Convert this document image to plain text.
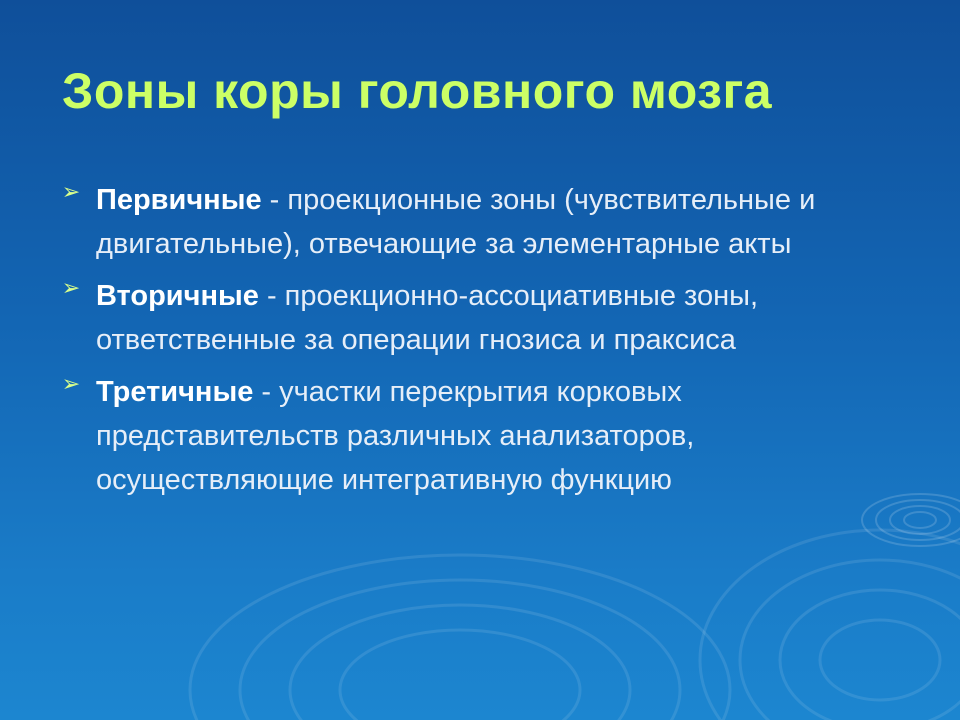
Зоны коры головного мозга
➢ Первичные - проекционные зоны (чувствительные и двигательные), отвечающие за элементарные акты
➢ Вторичные - проекционно-ассоциативные зоны, ответственные за операции гнозиса и праксиса
➢ Третичные - участки перекрытия корковых представительств различных анализаторов, осуществляющие интегративную функцию
